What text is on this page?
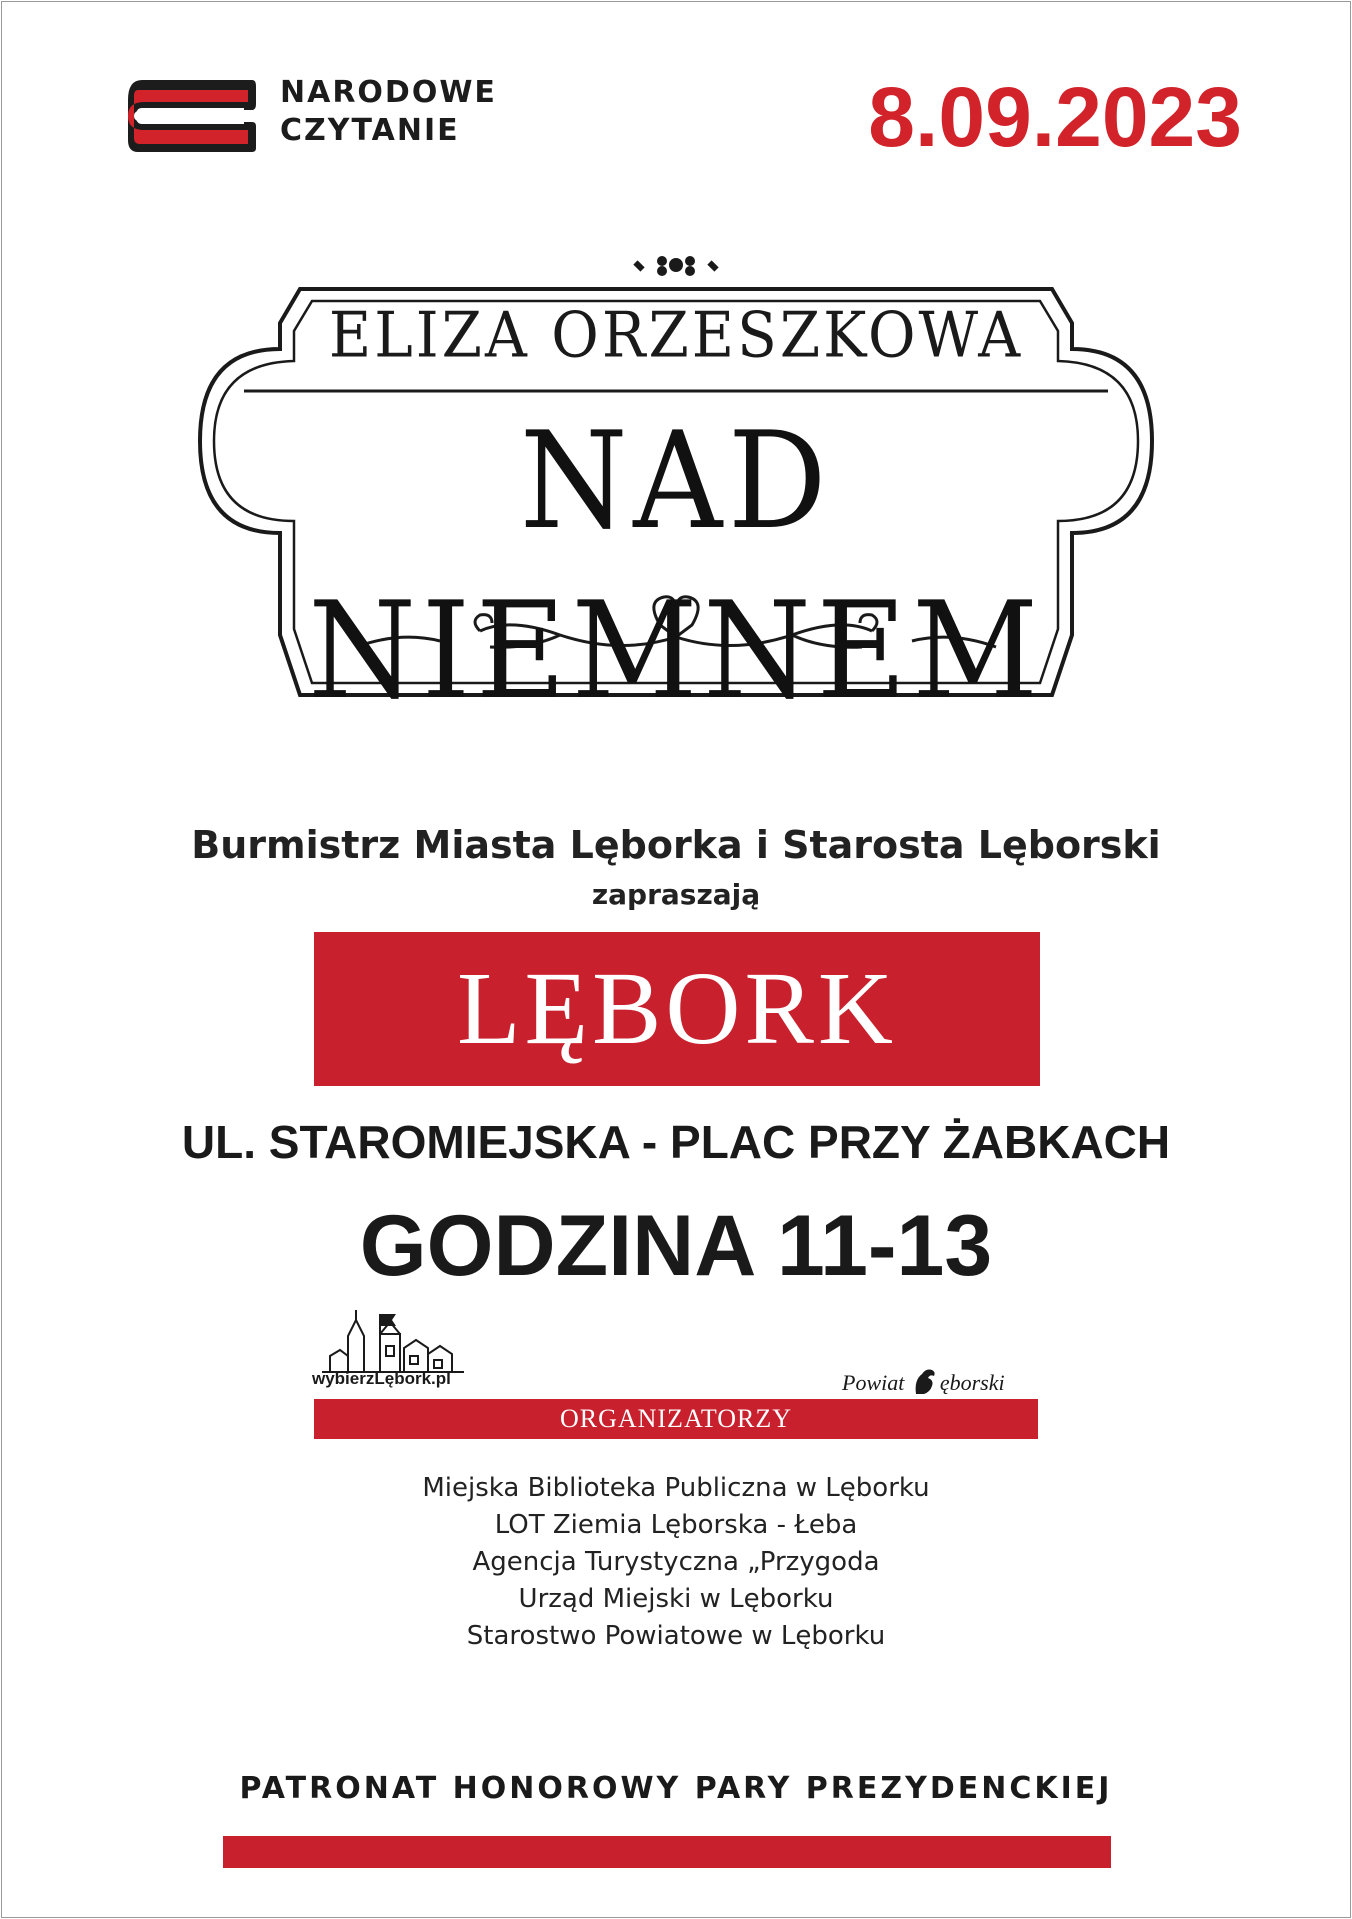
NARODOWE
CZYTANIE	8.09.2023
ELIZA ORZESZKOWA
NAD NIEMNEM
Burmistrz Miasta Lęborka i Starosta Lęborski
zapraszają
LĘBORK
UL. STAROMIEJSKA - PLAC PRZY ŻABKACH
GODZINA 11-13
wybierzLębork.pl	Powiat ęborski
ORGANIZATORZY
Miejska Biblioteka Publiczna w Lęborku
LOT Ziemia Lęborska - Łeba
Agencja Turystyczna „Przygoda
Urząd Miejski w Lęborku
Starostwo Powiatowe w Lęborku
PATRONAT HONOROWY PARY PREZYDENCKIEJ
